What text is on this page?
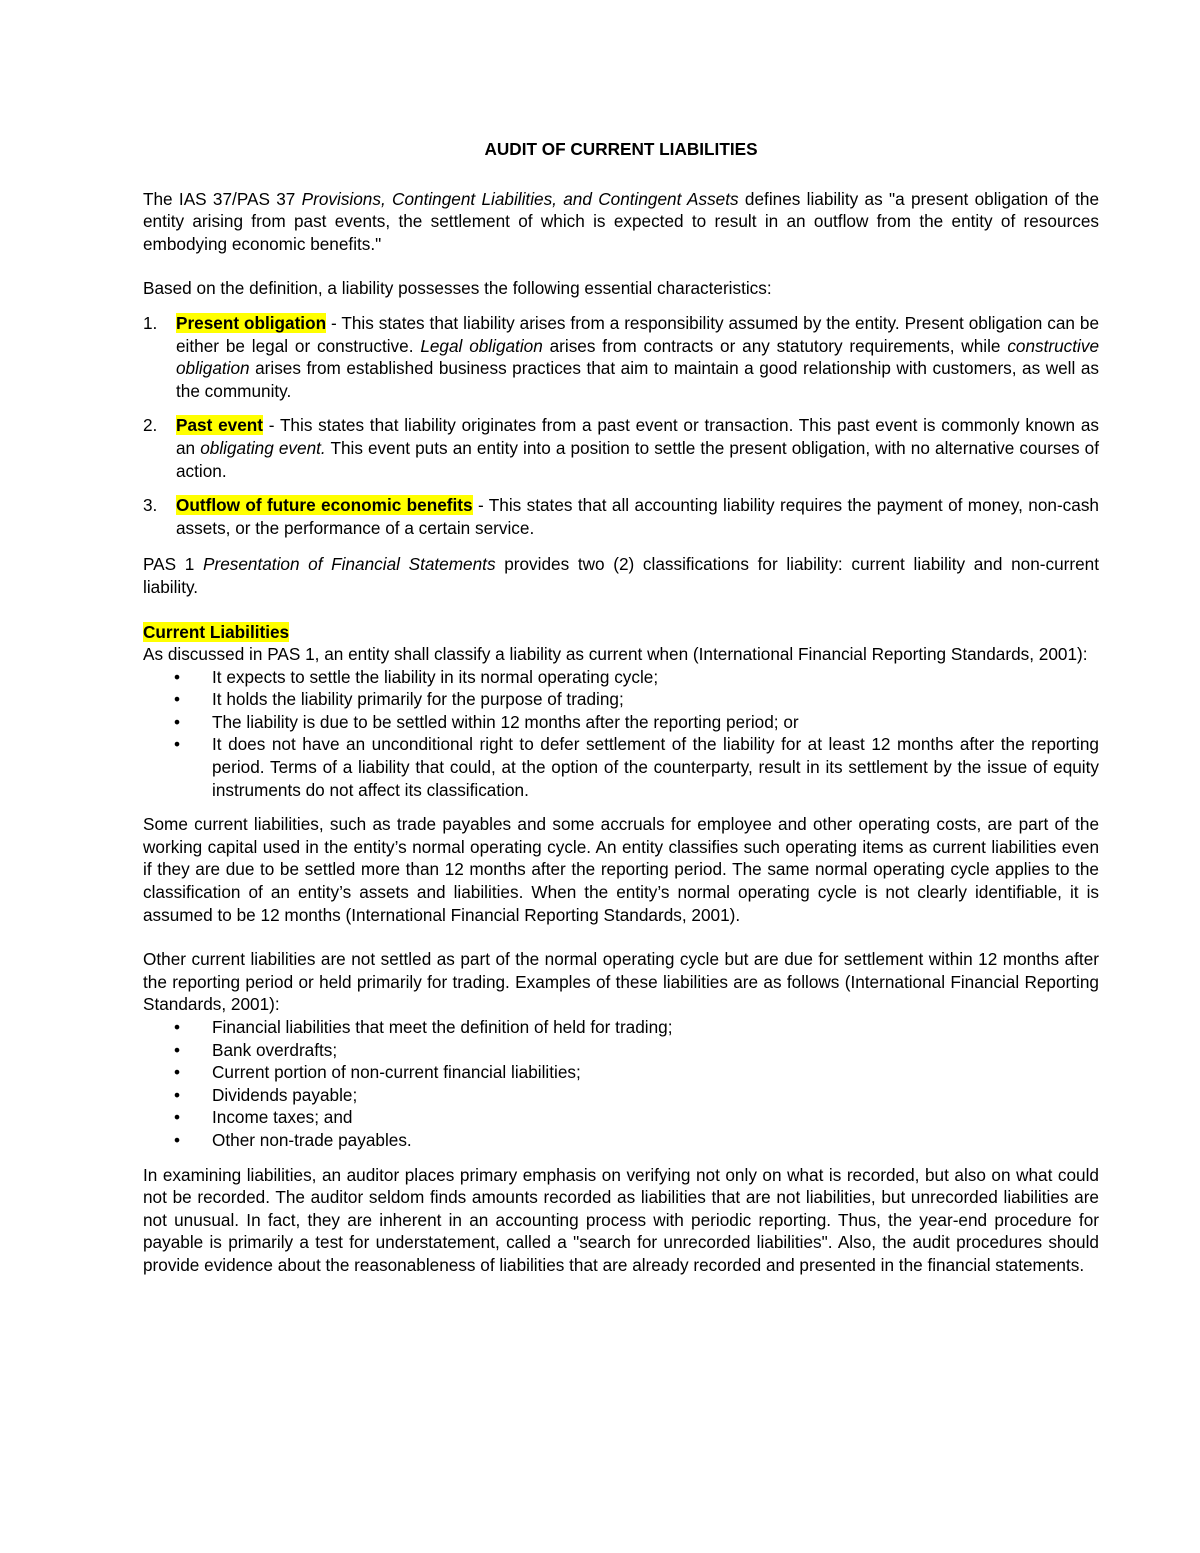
AUDIT OF CURRENT LIABILITIES

The IAS 37/PAS 37 Provisions, Contingent Liabilities, and Contingent Assets defines liability as "a present obligation of the entity arising from past events, the settlement of which is expected to result in an outflow from the entity of resources embodying economic benefits."

Based on the definition, a liability possesses the following essential characteristics:

1. Present obligation - This states that liability arises from a responsibility assumed by the entity. Present obligation can be either be legal or constructive. Legal obligation arises from contracts or any statutory requirements, while constructive obligation arises from established business practices that aim to maintain a good relationship with customers, as well as the community.
2. Past event - This states that liability originates from a past event or transaction. This past event is commonly known as an obligating event. This event puts an entity into a position to settle the present obligation, with no alternative courses of action.
3. Outflow of future economic benefits - This states that all accounting liability requires the payment of money, non-cash assets, or the performance of a certain service.

PAS 1 Presentation of Financial Statements provides two (2) classifications for liability: current liability and non-current liability.

Current Liabilities

As discussed in PAS 1, an entity shall classify a liability as current when (International Financial Reporting Standards, 2001):

• It expects to settle the liability in its normal operating cycle;
• It holds the liability primarily for the purpose of trading;
• The liability is due to be settled within 12 months after the reporting period; or
• It does not have an unconditional right to defer settlement of the liability for at least 12 months after the reporting period. Terms of a liability that could, at the option of the counterparty, result in its settlement by the issue of equity instruments do not affect its classification.

Some current liabilities, such as trade payables and some accruals for employee and other operating costs, are part of the working capital used in the entity’s normal operating cycle. An entity classifies such operating items as current liabilities even if they are due to be settled more than 12 months after the reporting period. The same normal operating cycle applies to the classification of an entity’s assets and liabilities. When the entity’s normal operating cycle is not clearly identifiable, it is assumed to be 12 months (International Financial Reporting Standards, 2001).

Other current liabilities are not settled as part of the normal operating cycle but are due for settlement within 12 months after the reporting period or held primarily for trading. Examples of these liabilities are as follows (International Financial Reporting Standards, 2001):

• Financial liabilities that meet the definition of held for trading;
• Bank overdrafts;
• Current portion of non-current financial liabilities;
• Dividends payable;
• Income taxes; and
• Other non-trade payables.

In examining liabilities, an auditor places primary emphasis on verifying not only on what is recorded, but also on what could not be recorded. The auditor seldom finds amounts recorded as liabilities that are not liabilities, but unrecorded liabilities are not unusual. In fact, they are inherent in an accounting process with periodic reporting. Thus, the year-end procedure for payable is primarily a test for understatement, called a "search for unrecorded liabilities". Also, the audit procedures should provide evidence about the reasonableness of liabilities that are already recorded and presented in the financial statements.
